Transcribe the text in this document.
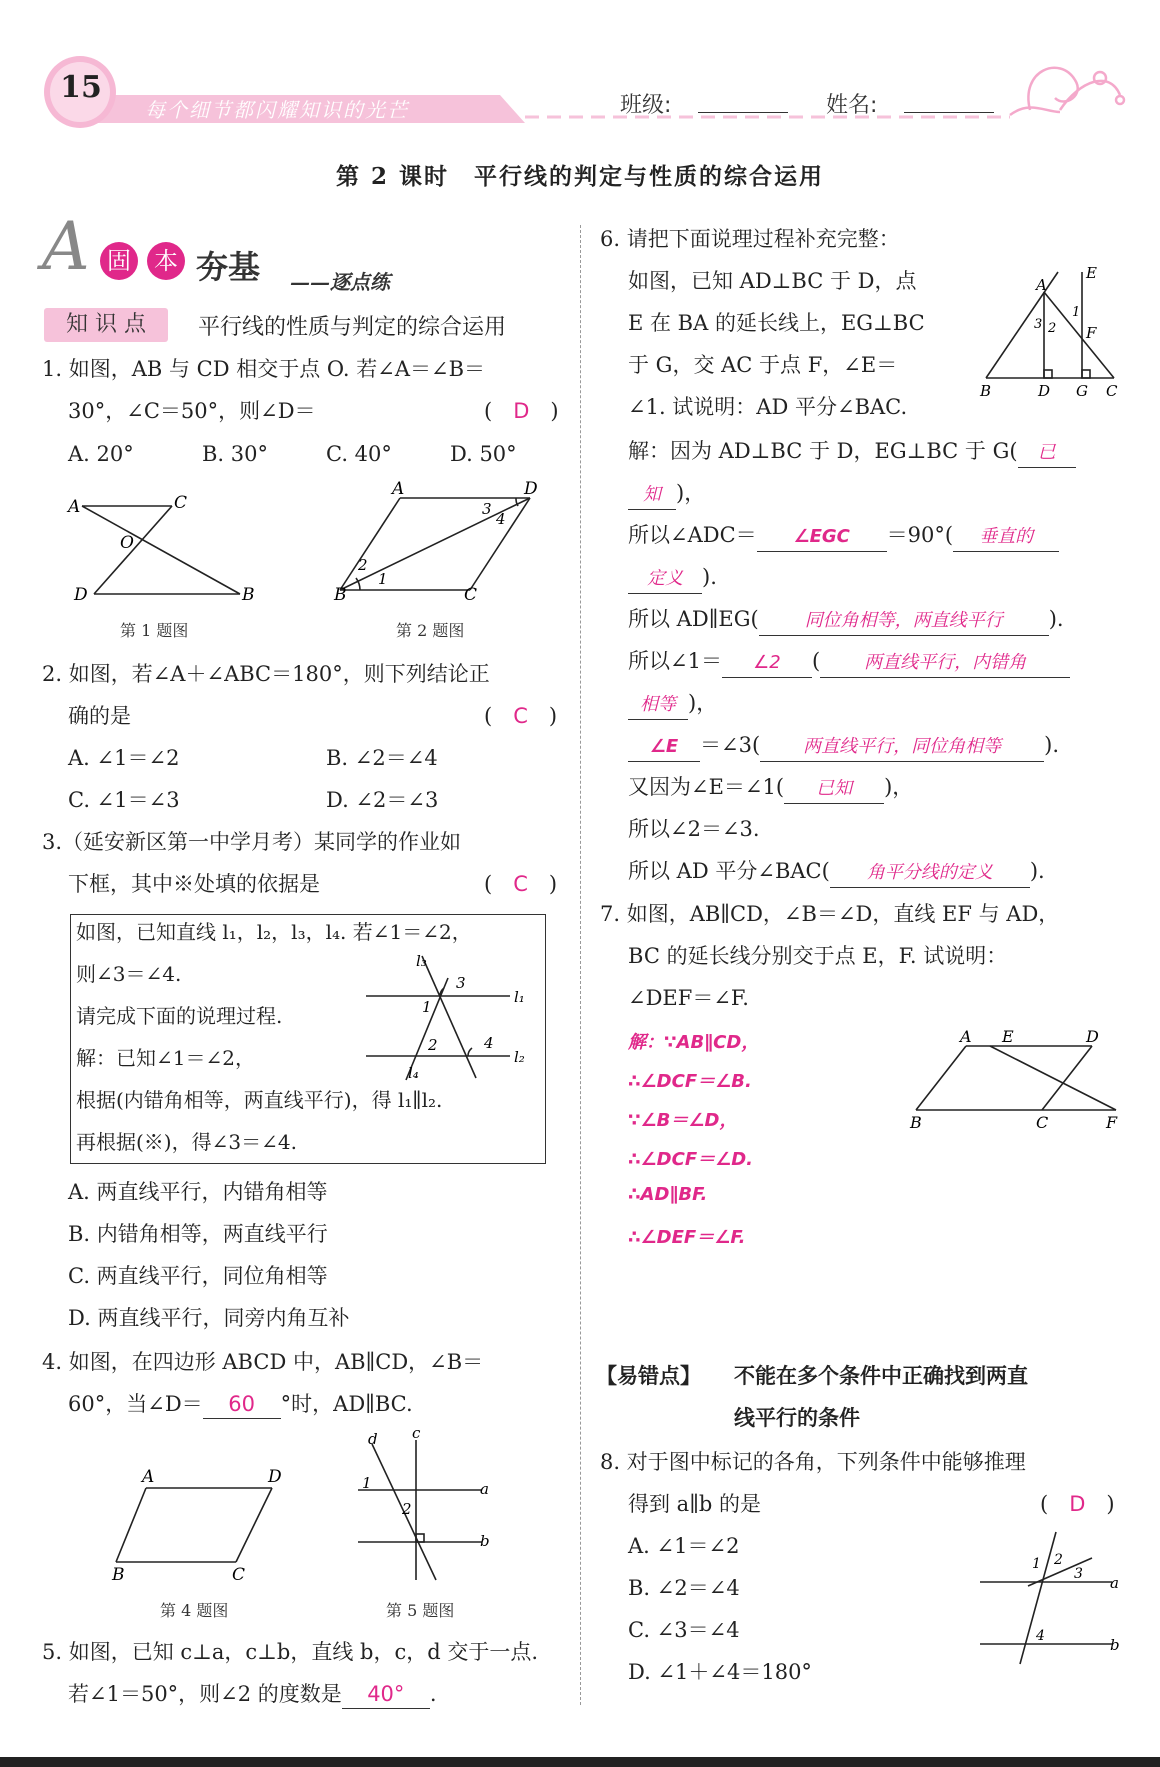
15
每个细节都闪耀知识的光芒	班级:	姓名:
第 2 课时　平行线的判定与性质的综合运用
A 固 本 夯基 ——逐点练
知 识 点	平行线的性质与判定的综合运用
1. 如图，AB 与 CD 相交于点 O. 若∠A＝∠B＝
30°，∠C＝50°，则∠D＝	(　D　)
A. 20°	B. 30°	C. 40°	D. 50°
A	C
O
D	B
第 1 题图
A	D
B	C
2
1
3
4
第 2 题图
2. 如图，若∠A＋∠ABC＝180°，则下列结论正
确的是	(　C　)
A. ∠1＝∠2	B. ∠2＝∠4
C. ∠1＝∠3	D. ∠2＝∠3
3.（延安新区第一中学月考）某同学的作业如
下框，其中※处填的依据是	(　C　)
如图，已知直线 l₁，l₂，l₃，l₄. 若∠1＝∠2，
则∠3＝∠4.
请完成下面的说理过程.
解：已知∠1＝∠2，
根据(内错角相等，两直线平行)，得 l₁∥l₂.
再根据(※)，得∠3＝∠4.
l₃
l₄
l₁
l₂
3
1
2	4
A. 两直线平行，内错角相等
B. 内错角相等，两直线平行
C. 两直线平行，同位角相等
D. 两直线平行，同旁内角互补
4. 如图，在四边形 ABCD 中，AB∥CD，∠B＝
60°，当∠D＝ 60 °时，AD∥BC.
A	D
B	C
第 4 题图
d c
a
b
1
2
第 5 题图
5. 如图，已知 c⊥a，c⊥b，直线 b，c，d 交于一点.
若∠1＝50°，则∠2 的度数是 40° .
6. 请把下面说理过程补充完整：
如图，已知 AD⊥BC 于 D，点
E 在 BA 的延长线上，EG⊥BC
于 G，交 AC 于点 F，∠E＝
∠1. 试说明：AD 平分∠BAC.
B	D G C
A
E
F
1
3 2
解：因为 AD⊥BC 于 D，EG⊥BC 于 G( 已
知 )，
所以∠ADC＝ ∠EGC ＝90°( 垂直的
定义 ).
所以 AD∥EG(	同位角相等，两直线平行 ).
所以∠1＝ ∠2 ( 两直线平行，内错角
相等 )，
∠E ＝∠3( 两直线平行，同位角相等 ).
又因为∠E＝∠1( 已知 )，
所以∠2＝∠3.
所以 AD 平分∠BAC( 角平分线的定义 ).
7. 如图，AB∥CD，∠B＝∠D，直线 EF 与 AD，
BC 的延长线分别交于点 E，F. 试说明：
∠DEF＝∠F.
解：∵AB∥CD，
∴∠DCF＝∠B.
∵∠B＝∠D，
∴∠DCF＝∠D.
∴AD∥BF.
∴∠DEF＝∠F.
A E	D
B	C	F
【易错点】 不能在多个条件中正确找到两直
线平行的条件
8. 对于图中标记的各角，下列条件中能够推理
得到 a∥b 的是	(　D　)
A. ∠1＝∠2
B. ∠2＝∠4
C. ∠3＝∠4
D. ∠1＋∠4＝180°
1 2
3
4
a
b
